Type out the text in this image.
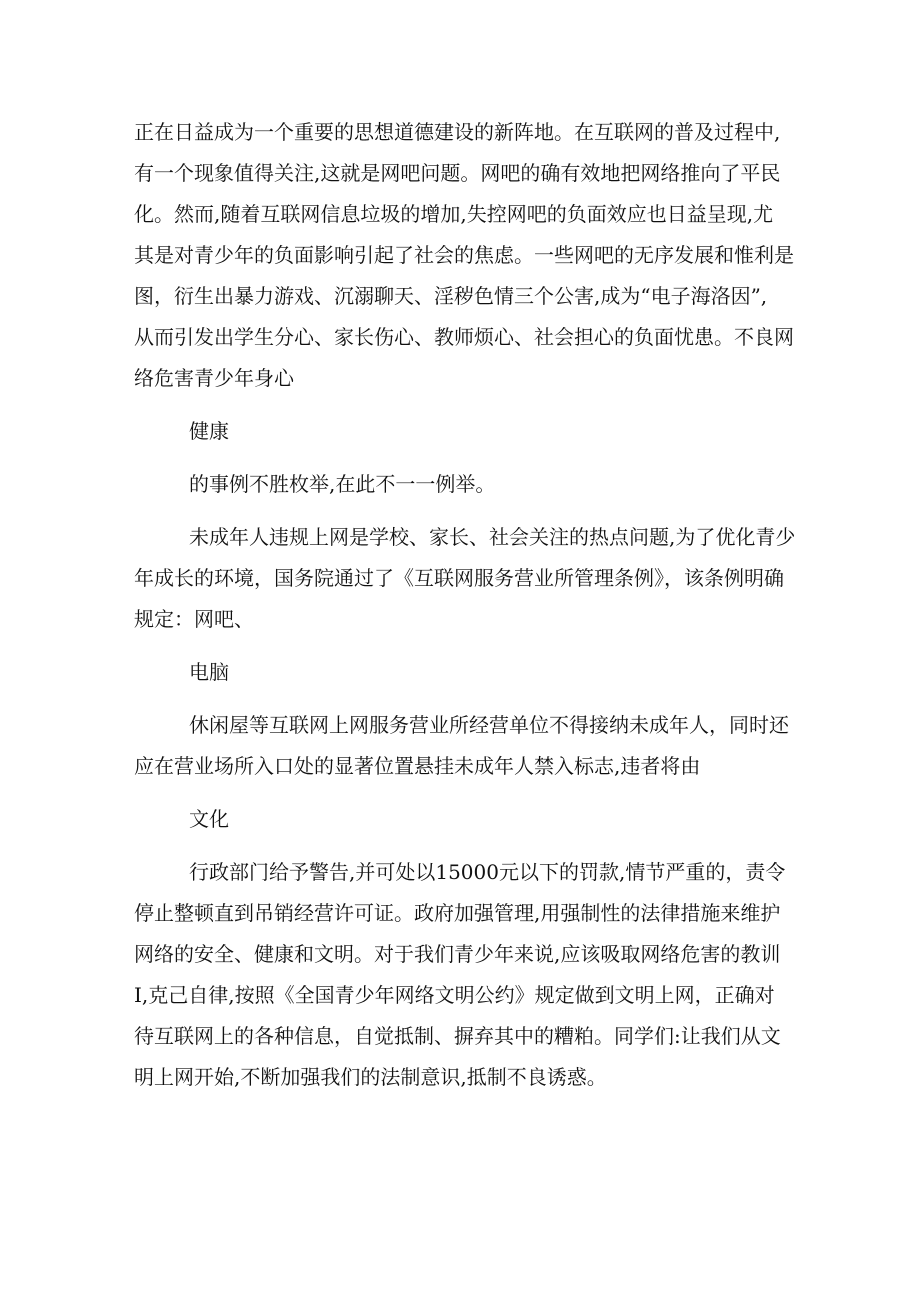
正在日益成为一个重要的思想道德建设的新阵地。在互联网的普及过程中,
有一个现象值得关注,这就是网吧问题。网吧的确有效地把网络推向了平民
化。然而,随着互联网信息垃圾的增加,失控网吧的负面效应也日益呈现,尤
其是对青少年的负面影响引起了社会的焦虑。一些网吧的无序发展和惟利是
图，衍生出暴力游戏、沉溺聊天、淫秽色情三个公害,成为“电子海洛因”,
从而引发出学生分心、家长伤心、教师烦心、社会担心的负面忧患。不良网
络危害青少年身心

健康

的事例不胜枚举,在此不一一例举。

未成年人违规上网是学校、家长、社会关注的热点问题,为了优化青少
年成长的环境，国务院通过了《互联网服务营业所管理条例》，该条例明确
规定：网吧、

电脑

休闲屋等互联网上网服务营业所经营单位不得接纳未成年人，同时还
应在营业场所入口处的显著位置悬挂未成年人禁入标志,违者将由

文化

行政部门给予警告,并可处以15000元以下的罚款,情节严重的，责令
停止整顿直到吊销经营许可证。政府加强管理,用强制性的法律措施来维护
网络的安全、健康和文明。对于我们青少年来说,应该吸取网络危害的教训
I,克己自律,按照《全国青少年网络文明公约》规定做到文明上网，正确对
待互联网上的各种信息，自觉抵制、摒弃其中的糟粕。同学们:让我们从文
明上网开始,不断加强我们的法制意识,抵制不良诱惑。
